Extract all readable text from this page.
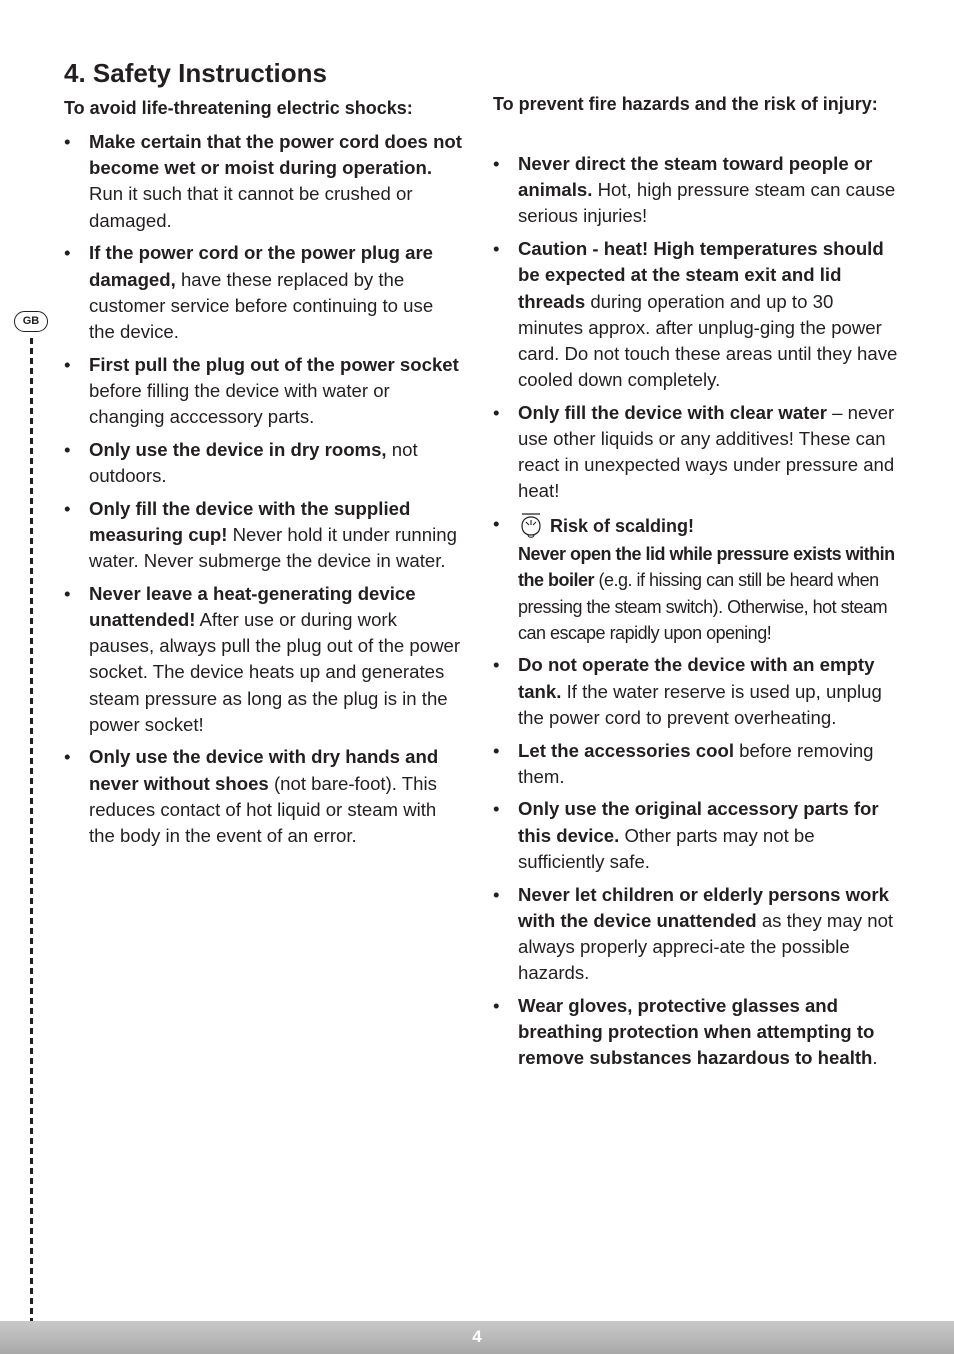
4. Safety Instructions
GB
To avoid life-threatening electric shocks:
• Make certain that the power cord does not become wet or moist during operation. Run it such that it cannot be crushed or damaged.
• If the power cord or the power plug are damaged, have these replaced by the customer service before continuing to use the device.
• First pull the plug out of the power socket before filling the device with water or changing acccessory parts.
• Only use the device in dry rooms, not outdoors.
• Only fill the device with the supplied measuring cup! Never hold it under running water. Never submerge the device in water.
• Never leave a heat-generating device unattended! After use or during work pauses, always pull the plug out of the power socket. The device heats up and generates steam pressure as long as the plug is in the power socket!
• Only use the device with dry hands and never without shoes (not bare-foot). This reduces contact of hot liquid or steam with the body in the event of an error.
To prevent fire hazards and the risk of injury:
• Never direct the steam toward people or animals. Hot, high pressure steam can cause serious injuries!
• Caution - heat! High temperatures should be expected at the steam exit and lid threads during operation and up to 30 minutes approx. after unplug-ging the power card. Do not touch these areas until they have cooled down completely.
• Only fill the device with clear water – never use other liquids or any additives! These can react in unexpected ways under pressure and heat!
•	Risk of scalding!
Never open the lid while pressure exists within the boiler (e.g. if hissing can still be heard when pressing the steam switch). Otherwise, hot steam can escape rapidly upon opening!
• Do not operate the device with an empty tank. If the water reserve is used up, unplug the power cord to prevent overheating.
• Let the accessories cool before removing them.
• Only use the original accessory parts for this device. Other parts may not be sufficiently safe.
• Never let children or elderly persons work with the device unattended as they may not always properly appreci-ate the possible hazards.
• Wear gloves, protective glasses and breathing protection when attempting to remove substances hazardous to health.
4
